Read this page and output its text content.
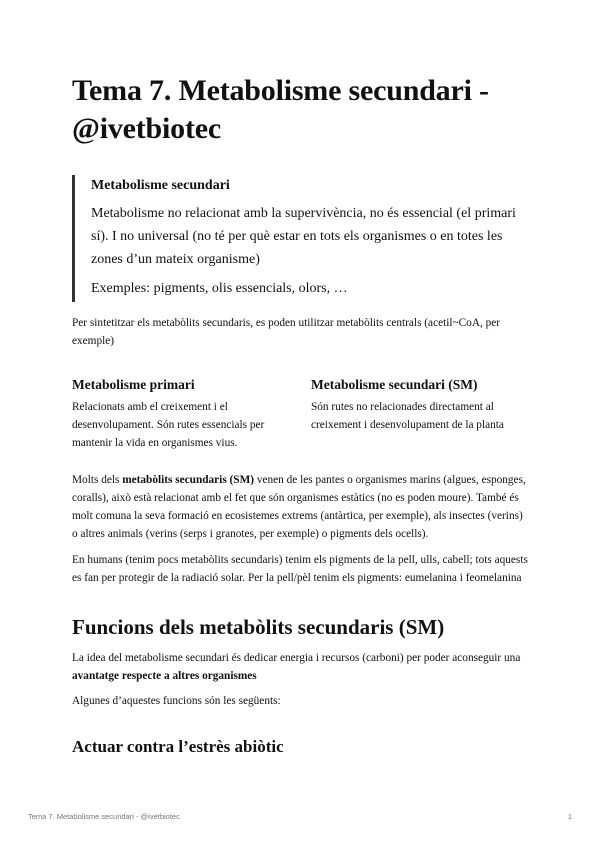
Tema 7. Metabolisme secundari - @ivetbiotec
Metabolisme secundari

Metabolisme no relacionat amb la supervivència, no és essencial (el primari sí). I no universal (no té per què estar en tots els organismes o en totes les zones d’un mateix organisme)

Exemples: pigments, olis essencials, olors, …

Per sintetitzar els metabòlits secundaris, es poden utilitzar metabòlits centrals (acetil~CoA, per exemple)

Metabolisme primari

Relacionats amb el creixement i el desenvolupament. Són rutes essencials per mantenir la vida en organismes vius.

Metabolisme secundari (SM)

Són rutes no relacionades directament al creixement i desenvolupament de la planta

Molts dels metabòlits secundaris (SM) venen de les pantes o organismes marins (algues, esponges, coralls), això està relacionat amb el fet que són organismes estàtics (no es poden moure). També és molt comuna la seva formació en ecosistemes extrems (antàrtica, per exemple), als insectes (verins) o altres animals (verins (serps i granotes, per exemple) o pigments dels ocells).

En humans (tenim pocs metabòlits secundaris) tenim els pigments de la pell, ulls, cabell; tots aquests es fan per protegir de la radiació solar. Per la pell/pèl tenim els pigments: eumelanina i feomelanina

Funcions dels metabòlits secundaris (SM)

La idea del metabolisme secundari és dedicar energia i recursos (carboni) per poder aconseguir una avantatge respecte a altres organismes

Algunes d’aquestes funcions són les següents:

Actuar contra l’estrès abiòtic
Tema 7. Metabolisme secundari - @ivetbiotec	1
